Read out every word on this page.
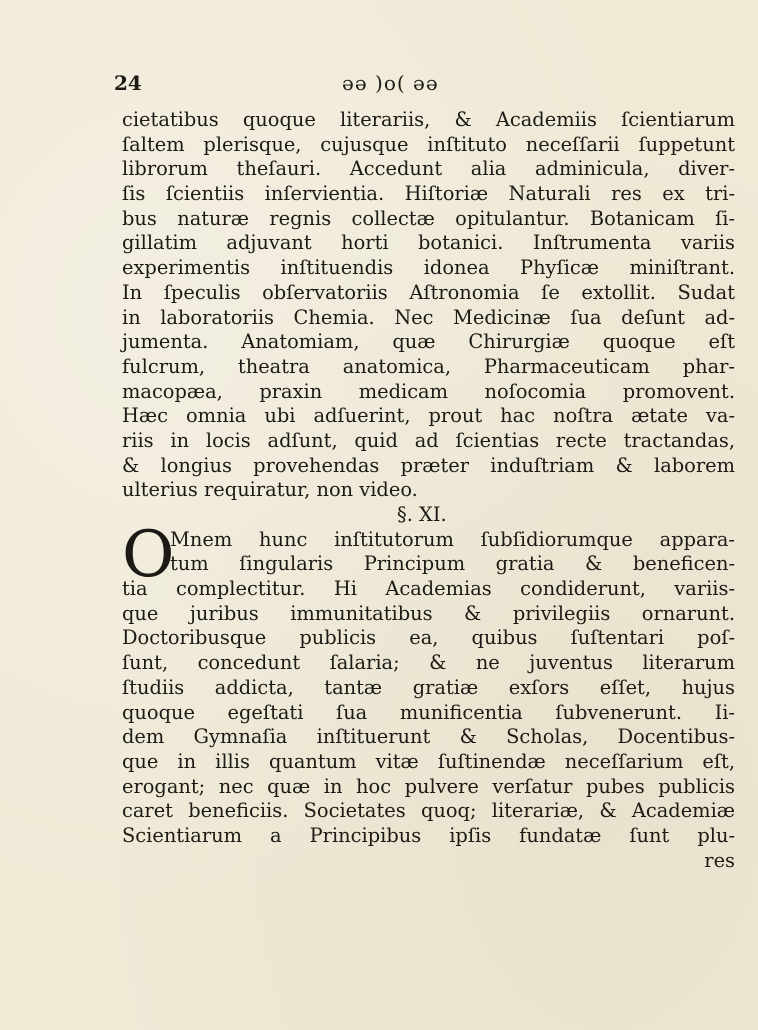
24	ǝǝ )o( ǝǝ
cietatibus quoque literariis, & Academiis ſcientiarum
ſaltem plerisque, cujusque inſtituto neceſſarii ſuppetunt
librorum theſauri. Accedunt alia adminicula, diver-
ſis ſcientiis inſervientia. Hiſtoriæ Naturali res ex tri-
bus naturæ regnis collectæ opitulantur. Botanicam ſi-
gillatim adjuvant horti botanici. Inſtrumenta variis
experimentis inſtituendis idonea Phyſicæ miniſtrant.
In ſpeculis obſervatoriis Aſtronomia ſe extollit. Sudat
in laboratoriis Chemia. Nec Medicinæ ſua deſunt ad-
jumenta. Anatomiam, quæ Chirurgiæ quoque eſt
fulcrum, theatra anatomica, Pharmaceuticam phar-
macopæa, praxin medicam noſocomia promovent.
Hæc omnia ubi adſuerint, prout hac noſtra ætate va-
riis in locis adſunt, quid ad ſcientias recte tractandas,
& longius provehendas præter induſtriam & laborem
ulterius requiratur, non video.
§. XI.
O
Mnem hunc inſtitutorum ſubſidiorumque appara-
tum ſingularis Principum gratia & beneficen-
tia complectitur. Hi Academias condiderunt, variis-
que juribus immunitatibus & privilegiis ornarunt.
Doctoribusque publicis ea, quibus ſuſtentari poſ-
ſunt, concedunt ſalaria; & ne juventus literarum
ſtudiis addicta, tantæ gratiæ exſors eſſet, hujus
quoque egeſtati ſua munificentia ſubvenerunt. Ii-
dem Gymnaſia inſtituerunt & Scholas, Docentibus-
que in illis quantum vitæ ſuſtinendæ neceſſarium eſt,
erogant; nec quæ in hoc pulvere verſatur pubes publicis
caret beneficiis. Societates quoq; literariæ, & Academiæ
Scientiarum a Principibus ipſis fundatæ ſunt plu-
res
